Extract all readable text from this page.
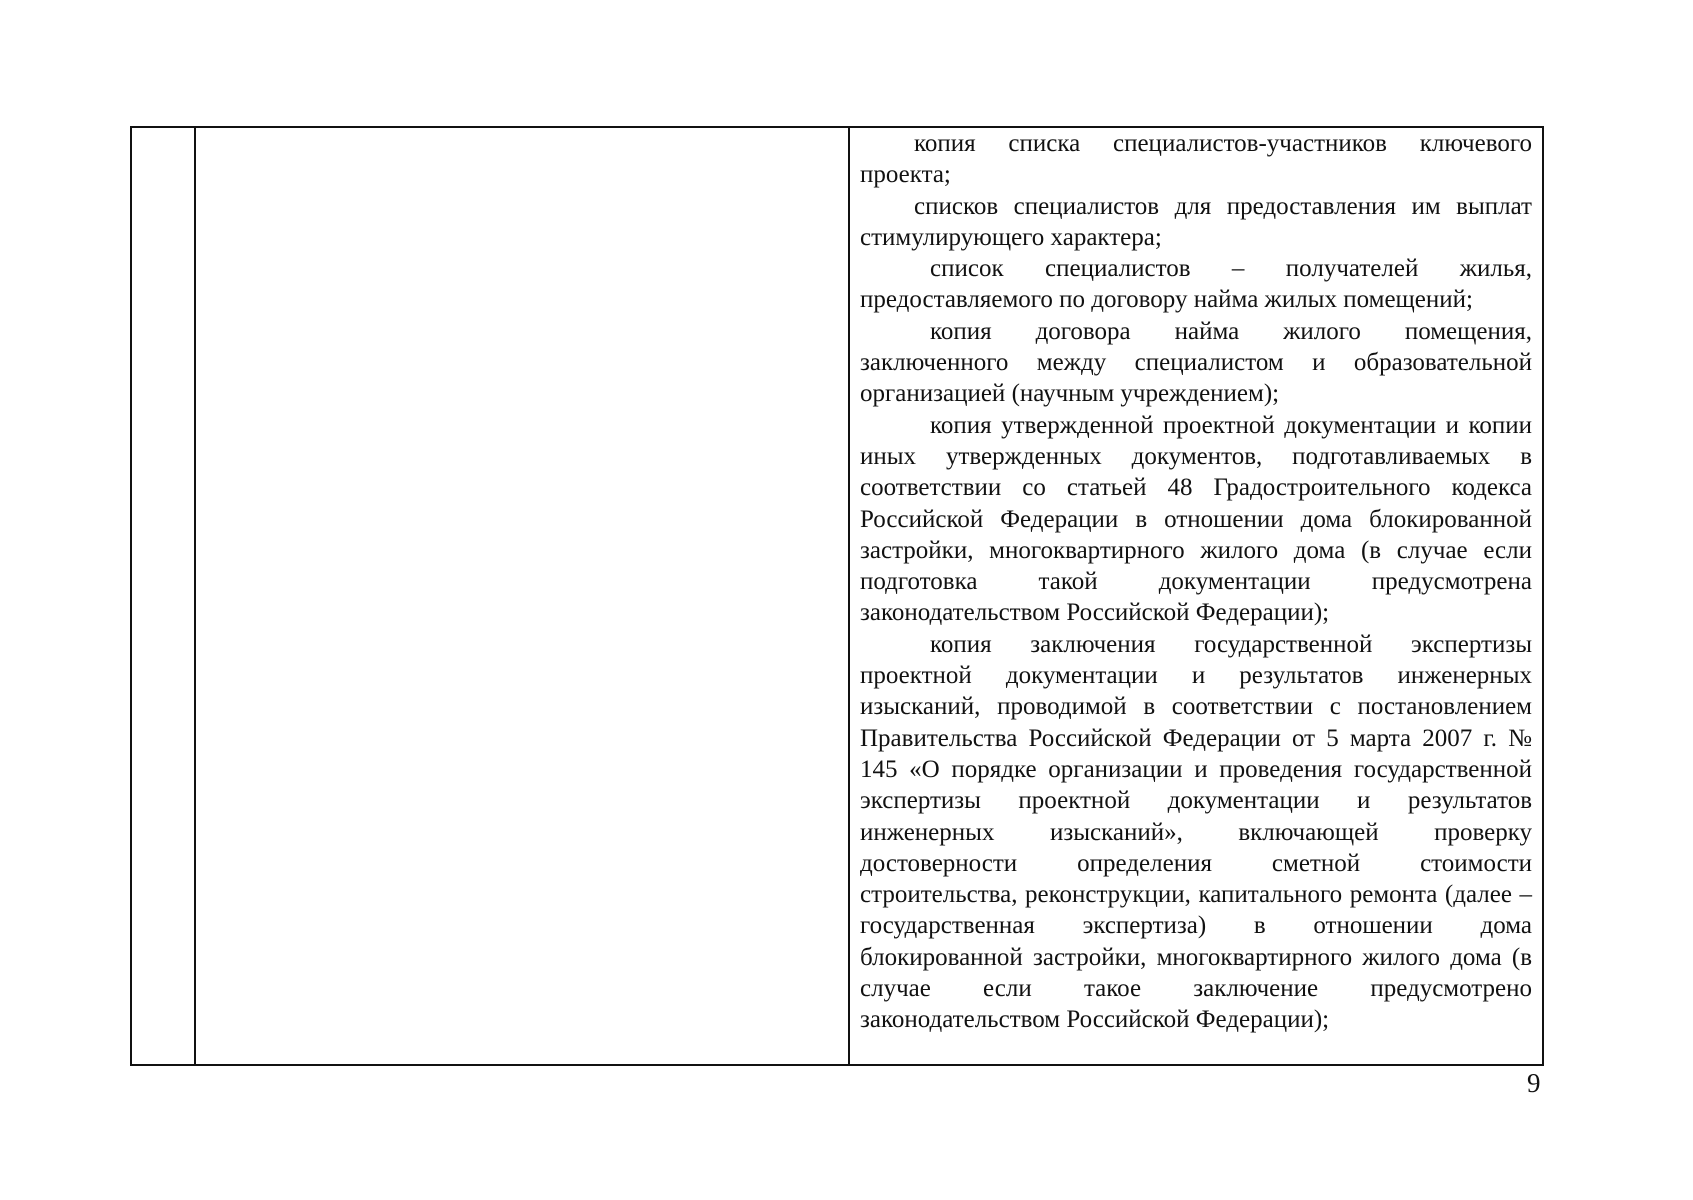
копия списка специалистов-участников ключевого проекта;

списков специалистов для предоставления им выплат стимулирующего характера;

список специалистов – получателей жилья, предоставляемого по договору найма жилых помещений;

копия договора найма жилого помещения, заключенного между специалистом и образовательной организацией (научным учреждением);

копия утвержденной проектной документации и копии иных утвержденных документов, подготавливаемых в соответствии со статьей 48 Градостроительного кодекса Российской Федерации в отношении дома блокированной застройки, многоквартирного жилого дома (в случае если подготовка такой документации предусмотрена законодательством Российской Федерации);

копия заключения государственной экспертизы проектной документации и результатов инженерных изысканий, проводимой в соответствии с постановлением Правительства Российской Федерации от 5 марта 2007 г. № 145 «О порядке организации и проведения государственной экспертизы проектной документации и результатов инженерных изысканий», включающей проверку достоверности определения сметной стоимости строительства, реконструкции, капитального ремонта (далее – государственная экспертиза) в отношении дома блокированной застройки, многоквартирного жилого дома (в случае если такое заключение предусмотрено законодательством Российской Федерации);

9
